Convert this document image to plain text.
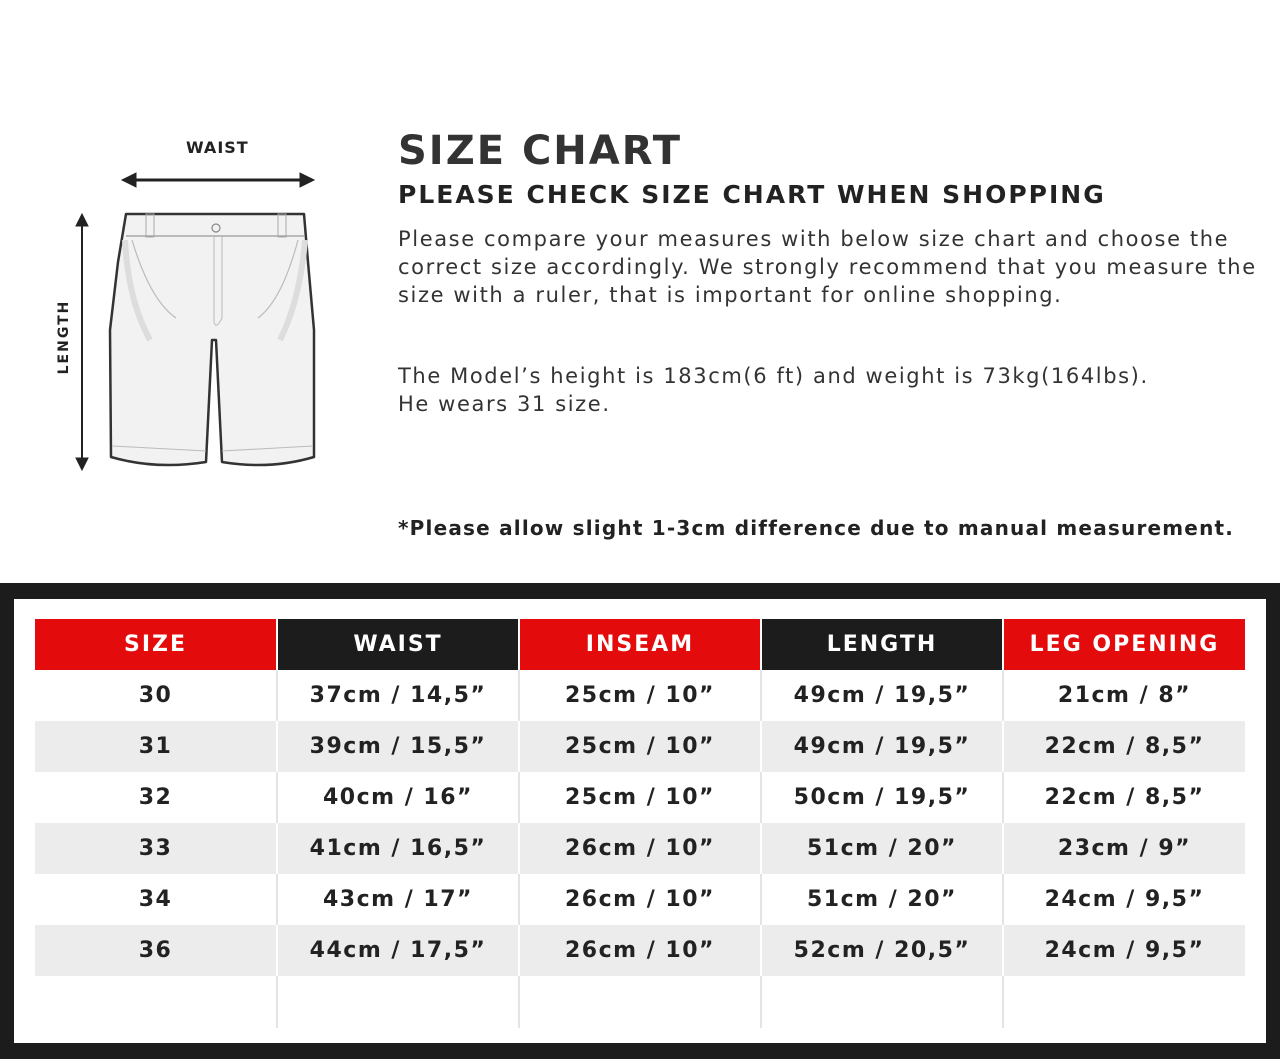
WAIST
LENGTH
SIZE CHART
PLEASE CHECK SIZE CHART WHEN SHOPPING

Please compare your measures with below size chart and choose the correct size accordingly. We strongly recommend that you measure the size with a ruler, that is important for online shopping.

The Model’s height is 183cm(6 ft) and weight is 73kg(164lbs).
He wears 31 size.

*Please allow slight 1-3cm difference due to manual measurement.

SIZE	WAIST	INSEAM	LENGTH	LEG OPENING
30	37cm / 14,5”	25cm / 10”	49cm / 19,5”	21cm / 8”
31	39cm / 15,5”	25cm / 10”	49cm / 19,5”	22cm / 8,5”
32	40cm / 16”	25cm / 10”	50cm / 19,5”	22cm / 8,5”
33	41cm / 16,5”	26cm / 10”	51cm / 20”	23cm / 9”
34	43cm / 17”	26cm / 10”	51cm / 20”	24cm / 9,5”
36	44cm / 17,5”	26cm / 10”	52cm / 20,5”	24cm / 9,5”
